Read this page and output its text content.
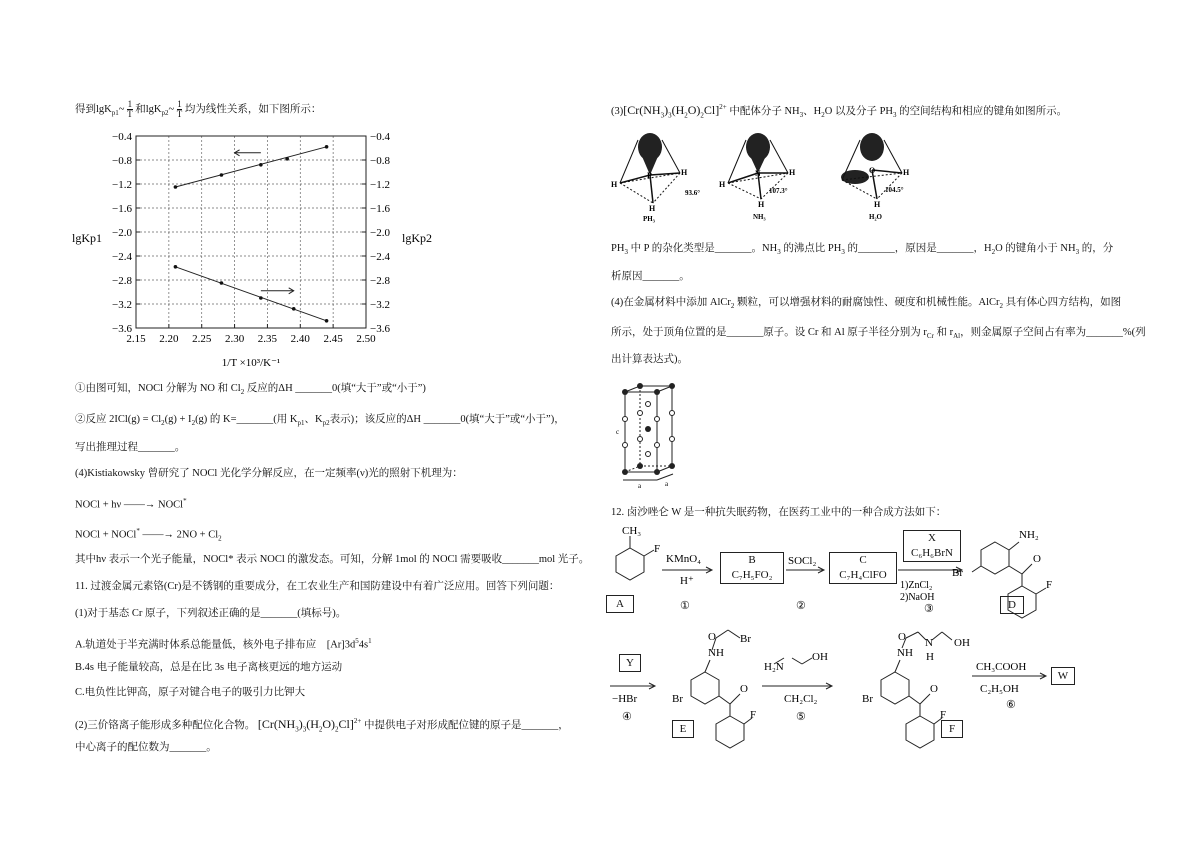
得到lgK$_{p1}$~ $\frac{1}{T}$ 和lgK$_{p2}$~ 1
T 均为线性关系，如下图所示：
2.15 2.20 2.25 2.30 2.35 2.40 2.45 2.50
−0.4	−0.4
−0.8	−0.8
−1.2	−1.2
−1.6	−1.6
−2.0	−2.0
−2.4	−2.4
−2.8	−2.8
−3.2	−3.2
−3.6	−3.6
lgKp1	lgKp2
1/T ×10³/K⁻¹
①由图可知，NOCl 分解为 NO 和 $Cl_2$ 反应的ΔH _______0(填“大于”或“小于”)
②反应 $2ICl(g) = Cl_2(g) + I_2(g)$ 的 K=_______(用 $K_{p1}$、$K_{p2}$表示)；该反应的ΔH _______0(填“大于”或“小于”)，
写出推理过程_______。
(4)Kistiakowsky 曾研究了 NOCl 光化学分解反应，在一定频率(ν)光的照射下机理为：
NOCl + hν ——→ NOCl*
NOCl + NOCl* ——→ $2NO + Cl_2$
其中hν 表示一个光子能量，NOCl* 表示 NOCl 的激发态。可知，分解 1mol 的 NOCl 需要吸收_______mol 光子。
11. 过渡金属元素铬(Cr)是不锈钢的重要成分，在工农业生产和国防建设中有着广泛应用。回答下列问题：
(1)对于基态 Cr 原子，下列叙述正确的是_______(填标号)。
A.轨道处于半充满时体系总能量低，核外电子排布应 $[Ar]3d^54s^1$
B.4s 电子能量较高，总是在比 3s 电子离核更远的地方运动
C.电负性比钾高，原子对键合电子的吸引力比钾大
(2)三价铬离子能形成多种配位化合物。 $[Cr(NH_3)_3(H_2O)_2Cl]^{2+}$ 中提供电子对形成配位键的原子是_______，
中心离子的配位数为_______。
$(3)[Cr(NH_3)_3(H_2O)_2Cl]^{2+}$ 中配体分子 $NH_3$、$H_2O$ 以及分子 $PH_3$ 的空间结构和相应的键角如图所示。
P
H
H
H
93.6°
PH₃
N
H
H
H
107.3°
NH₃
O	H
H
104.5°
H₂O
$PH_3$ 中 P 的杂化类型是_______。$NH_3$ 的沸点比 $PH_3$ 的_______，原因是_______，$H_2O$ 的键角小于 $NH_3$ 的，分
析原因_______。
(4)在金属材料中添加 AlCr$_2$ 颗粒，可以增强材料的耐腐蚀性、硬度和机械性能。AlCr$_2$ 具有体心四方结构，如图
所示，处于顶角位置的是_______原子。设 Cr 和 Al 原子半径分别为 $r_{Cr}$ 和 $r_{Al}$，则金属原子空间占有率为_______%(列
出计算表达式)。
c
a	a
12. 卤沙唑仑 W 是一种抗失眠药物，在医药工业中的一种合成方法如下：
CH₃
F
KMnO₄
H⁺
①
SOCl₂
②
1)ZnCl₂
2)NaOH
③
NH₂
O
Br
F
−HBr
④
NH
O Br
Br
O
F
H₂N
OH
CH₂Cl₂
⑤
O
NH
N
H
OH
Br
O
F
CH₃COOH
C₂H₅OH
⑥
A
B
C₇H₅FO₂
C
C₇H₄ClFO
X
C₆H₆BrN
D
Y
E	F
W
